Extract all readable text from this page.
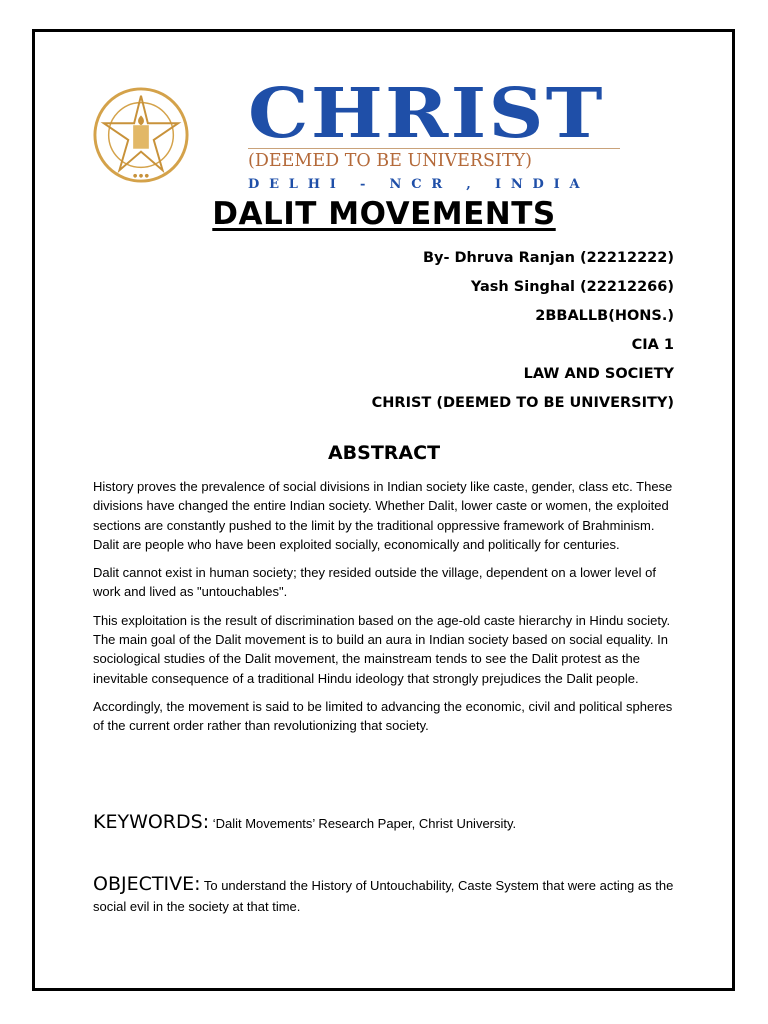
● ● ●
CHRIST
(DEEMED TO BE UNIVERSITY)
DELHI - NCR , INDIA
DALIT MOVEMENTS
By- Dhruva Ranjan (22212222)
Yash Singhal (22212266)
2BBALLB(HONS.)
CIA 1
LAW AND SOCIETY
CHRIST (DEEMED TO BE UNIVERSITY)
ABSTRACT

History proves the prevalence of social divisions in Indian society like caste, gender, class etc. These divisions have changed the entire Indian society. Whether Dalit, lower caste or women, the exploited sections are constantly pushed to the limit by the traditional oppressive framework of Brahminism. Dalit are people who have been exploited socially, economically and politically for centuries.

Dalit cannot exist in human society; they resided outside the village, dependent on a lower level of work and lived as "untouchables".

This exploitation is the result of discrimination based on the age-old caste hierarchy in Hindu society. The main goal of the Dalit movement is to build an aura in Indian society based on social equality. In sociological studies of the Dalit movement, the mainstream tends to see the Dalit protest as the inevitable consequence of a traditional Hindu ideology that strongly prejudices the Dalit people.

Accordingly, the movement is said to be limited to advancing the economic, civil and political spheres of the current order rather than revolutionizing that society.

KEYWORDS: ‘Dalit Movements’ Research Paper, Christ University.
OBJECTIVE: To understand the History of Untouchability, Caste System that were acting as the social evil in the society at that time.
